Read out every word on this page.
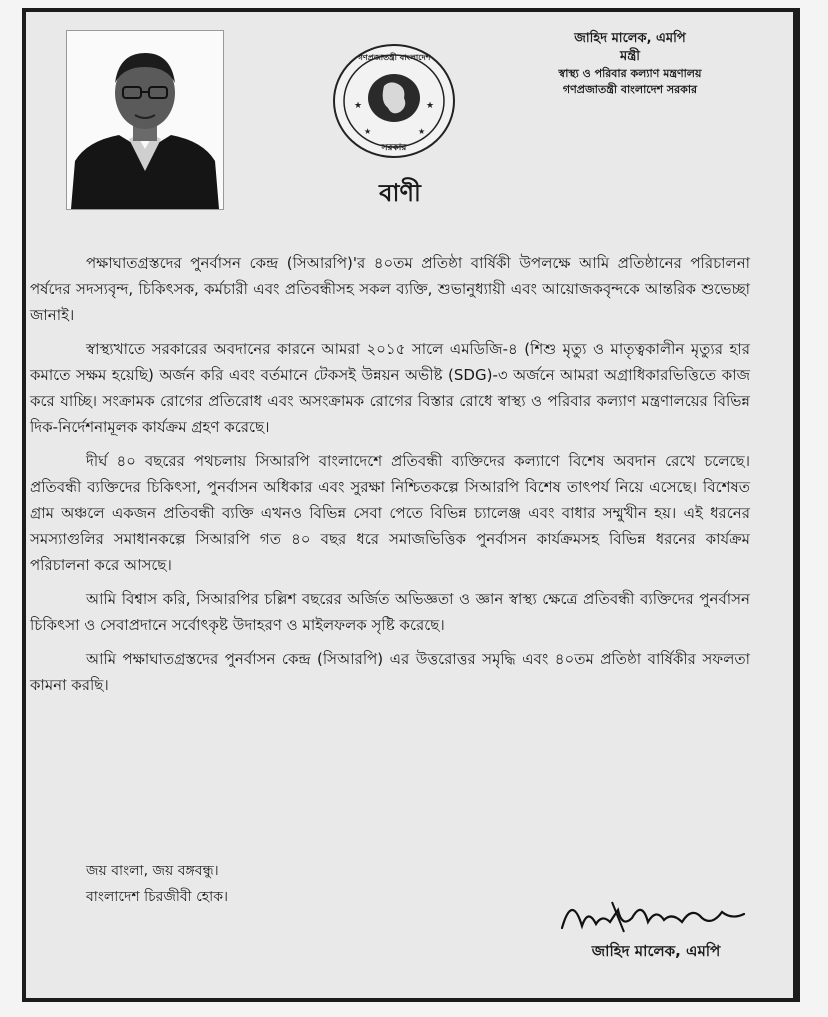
★	★
★	★
গণপ্রজাতন্ত্রী বাংলাদেশ
সরকার
জাহিদ মালেক, এমপি
মন্ত্রী
স্বাস্থ্য ও পরিবার কল্যাণ মন্ত্রণালয়
গণপ্রজাতন্ত্রী বাংলাদেশ সরকার
বাণী

পক্ষাঘাতগ্রস্তদের পুনর্বাসন কেন্দ্র (সিআরপি)'র ৪০তম প্রতিষ্ঠা বার্ষিকী উপলক্ষে আমি প্রতিষ্ঠানের পরিচালনা পর্ষদের সদস্যবৃন্দ, চিকিৎসক, কর্মচারী এবং প্রতিবন্ধীসহ সকল ব্যক্তি, শুভানুধ্যায়ী এবং আয়োজকবৃন্দকে আন্তরিক শুভেচ্ছা জানাই।

স্বাস্থ্যখাতে সরকারের অবদানের কারনে আমরা ২০১৫ সালে এমডিজি-৪ (শিশু মৃত্যু ও মাতৃত্বকালীন মৃত্যুর হার কমাতে সক্ষম হয়েছি) অর্জন করি এবং বর্তমানে টেকসই উন্নয়ন অভীষ্ট (SDG)-৩ অর্জনে আমরা অগ্রাধিকারভিত্তিতে কাজ করে যাচ্ছি। সংক্রামক রোগের প্রতিরোধ এবং অসংক্রামক রোগের বিস্তার রোধে স্বাস্থ্য ও পরিবার কল্যাণ মন্ত্রণালয়ের বিভিন্ন দিক-নির্দেশনামূলক কার্যক্রম গ্রহণ করেছে।

দীর্ঘ ৪০ বছরের পথচলায় সিআরপি বাংলাদেশে প্রতিবন্ধী ব্যক্তিদের কল্যাণে বিশেষ অবদান রেখে চলেছে। প্রতিবন্ধী ব্যক্তিদের চিকিৎসা, পুনর্বাসন অধিকার এবং সুরক্ষা নিশ্চিতকল্পে সিআরপি বিশেষ তাৎপর্য নিয়ে এসেছে। বিশেষত গ্রাম অঞ্চলে একজন প্রতিবন্ধী ব্যক্তি এখনও বিভিন্ন সেবা পেতে বিভিন্ন চ্যালেঞ্জ এবং বাধার সম্মুখীন হয়। এই ধরনের সমস্যাগুলির সমাধানকল্পে সিআরপি গত ৪০ বছর ধরে সমাজভিত্তিক পুনর্বাসন কার্যক্রমসহ বিভিন্ন ধরনের কার্যক্রম পরিচালনা করে আসছে।

আমি বিশ্বাস করি, সিআরপির চল্লিশ বছরের অর্জিত অভিজ্ঞতা ও জ্ঞান স্বাস্থ্য ক্ষেত্রে প্রতিবন্ধী ব্যক্তিদের পুনর্বাসন চিকিৎসা ও সেবাপ্রদানে সর্বোৎকৃষ্ট উদাহরণ ও মাইলফলক সৃষ্টি করেছে।

আমি পক্ষাঘাতগ্রস্তদের পুনর্বাসন কেন্দ্র (সিআরপি) এর উত্তরোত্তর সমৃদ্ধি এবং ৪০তম প্রতিষ্ঠা বার্ষিকীর সফলতা কামনা করছি।

জয় বাংলা, জয় বঙ্গবন্ধু।
বাংলাদেশ চিরজীবী হোক।
জাহিদ মালেক, এমপি
